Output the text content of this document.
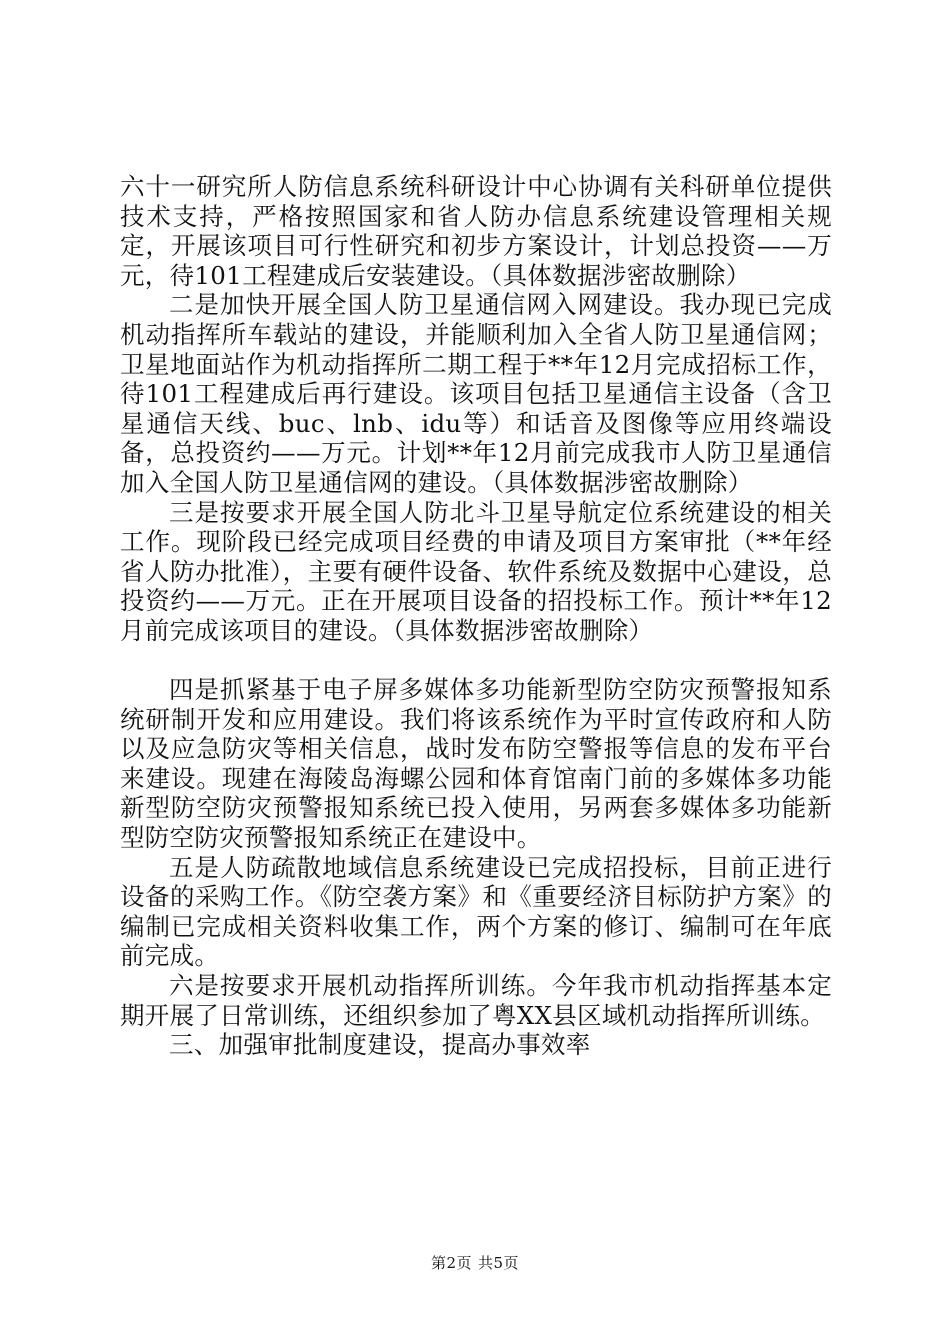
六十一研究所人防信息系统科研设计中心协调有关科研单位提供技术支持，严格按照国家和省人防办信息系统建设管理相关规定，开展该项目可行性研究和初步方案设计，计划总投资——万元，待101工程建成后安装建设。（具体数据涉密故删除）

二是加快开展全国人防卫星通信网入网建设。我办现已完成机动指挥所车载站的建设，并能顺利加入全省人防卫星通信网；卫星地面站作为机动指挥所二期工程于**年12月完成招标工作，待101工程建成后再行建设。该项目包括卫星通信主设备（含卫星通信天线、buc、lnb、idu等）和话音及图像等应用终端设备，总投资约——万元。计划**年12月前完成我市人防卫星通信加入全国人防卫星通信网的建设。（具体数据涉密故删除）

三是按要求开展全国人防北斗卫星导航定位系统建设的相关工作。现阶段已经完成项目经费的申请及项目方案审批（**年经省人防办批准），主要有硬件设备、软件系统及数据中心建设，总投资约——万元。正在开展项目设备的招投标工作。预计**年12月前完成该项目的建设。（具体数据涉密故删除）

四是抓紧基于电子屏多媒体多功能新型防空防灾预警报知系统研制开发和应用建设。我们将该系统作为平时宣传政府和人防以及应急防灾等相关信息，战时发布防空警报等信息的发布平台来建设。现建在海陵岛海螺公园和体育馆南门前的多媒体多功能新型防空防灾预警报知系统已投入使用，另两套多媒体多功能新型防空防灾预警报知系统正在建设中。

五是人防疏散地域信息系统建设已完成招投标，目前正进行设备的采购工作。《防空袭方案》和《重要经济目标防护方案》的编制已完成相关资料收集工作，两个方案的修订、编制可在年底前完成。

六是按要求开展机动指挥所训练。今年我市机动指挥基本定期开展了日常训练，还组织参加了粤XX县区域机动指挥所训练。

三、加强审批制度建设，提高办事效率

第2页 共5页
